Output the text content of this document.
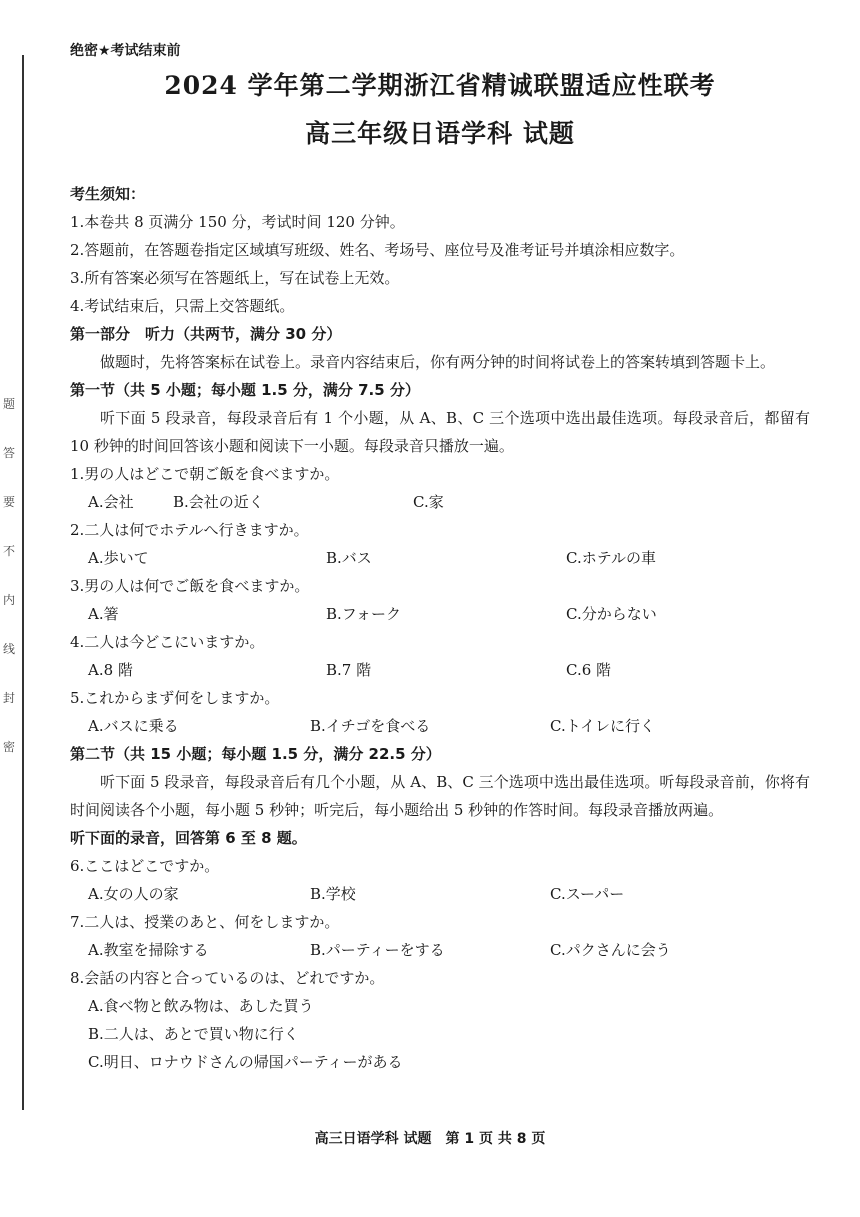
题
答
要
不
内
线
封
密

绝密★考试结束前

2024 学年第二学期浙江省精诚联盟适应性联考
高三年级日语学科 试题

考生须知：

1.本卷共 8 页满分 150 分，考试时间 120 分钟。

2.答题前，在答题卷指定区域填写班级、姓名、考场号、座位号及准考证号并填涂相应数字。

3.所有答案必须写在答题纸上，写在试卷上无效。

4.考试结束后，只需上交答题纸。

第一部分　听力（共两节，满分 30 分）

做题时，先将答案标在试卷上。录音内容结束后，你有两分钟的时间将试卷上的答案转填到答题卡上。

第一节（共 5 小题；每小题 1.5 分，满分 7.5 分）

听下面 5 段录音，每段录音后有 1 个小题，从 A、B、C 三个选项中选出最佳选项。每段录音后，都留有 10 秒钟的时间回答该小题和阅读下一小题。每段录音只播放一遍。

1.男の人はどこで朝ご飯を食べますか。

A.会社	B.会社の近く	C.家

2.二人は何でホテルへ行きますか。

A.歩いて	B.バス	C.ホテルの車

3.男の人は何でご飯を食べますか。

A.箸	B.フォーク	C.分からない

4.二人は今どこにいますか。

A.8 階	B.7 階	C.6 階

5.これからまず何をしますか。

A.バスに乗る	B.イチゴを食べる	C.トイレに行く

第二节（共 15 小题；每小题 1.5 分，满分 22.5 分）

听下面 5 段录音，每段录音后有几个小题，从 A、B、C 三个选项中选出最佳选项。听每段录音前，你将有时间阅读各个小题，每小题 5 秒钟；听完后，每小题给出 5 秒钟的作答时间。每段录音播放两遍。

听下面的录音，回答第 6 至 8 题。

6.ここはどこですか。

A.女の人の家	B.学校	C.スーパー

7.二人は、授業のあと、何をしますか。

A.教室を掃除する	B.パーティーをする	C.パクさんに会う

8.会話の内容と合っているのは、どれですか。

A.食べ物と飲み物は、あした買う

B.二人は、あとで買い物に行く

C.明日、ロナウドさんの帰国パーティーがある

高三日语学科 试题　第 1 页 共 8 页
